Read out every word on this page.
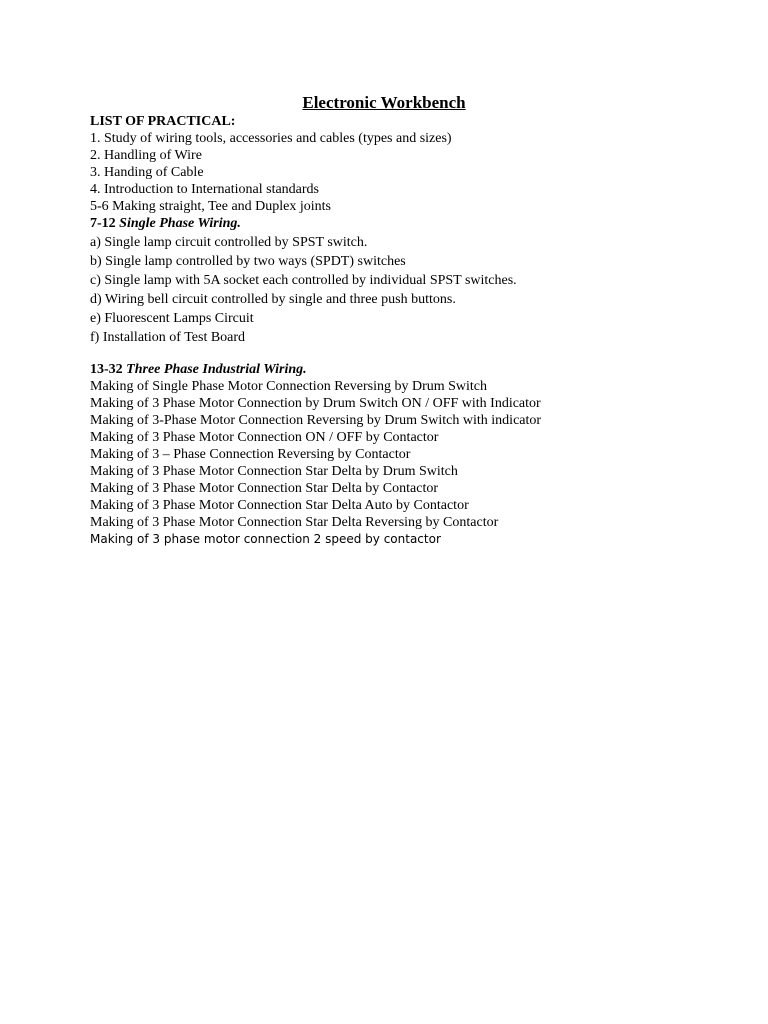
Electronic Workbench
LIST OF PRACTICAL:
1. Study of wiring tools, accessories and cables (types and sizes)
2. Handling of Wire
3. Handing of Cable
4. Introduction to International standards
5-6 Making straight, Tee and Duplex joints
7-12 Single Phase Wiring.
a) Single lamp circuit controlled by SPST switch.
b) Single lamp controlled by two ways (SPDT) switches
c) Single lamp with 5A socket each controlled by individual SPST switches.
d) Wiring bell circuit controlled by single and three push buttons.
e) Fluorescent Lamps Circuit
f) Installation of Test Board
13-32 Three Phase Industrial Wiring.
Making of Single Phase Motor Connection Reversing by Drum Switch
Making of 3 Phase Motor Connection by Drum Switch ON / OFF with Indicator
Making of 3-Phase Motor Connection Reversing by Drum Switch with indicator
Making of 3 Phase Motor Connection ON / OFF by Contactor
Making of 3 – Phase Connection Reversing by Contactor
Making of 3 Phase Motor Connection Star Delta by Drum Switch
Making of 3 Phase Motor Connection Star Delta by Contactor
Making of 3 Phase Motor Connection Star Delta Auto by Contactor
Making of 3 Phase Motor Connection Star Delta Reversing by Contactor
Making of 3 phase motor connection 2 speed by contactor
